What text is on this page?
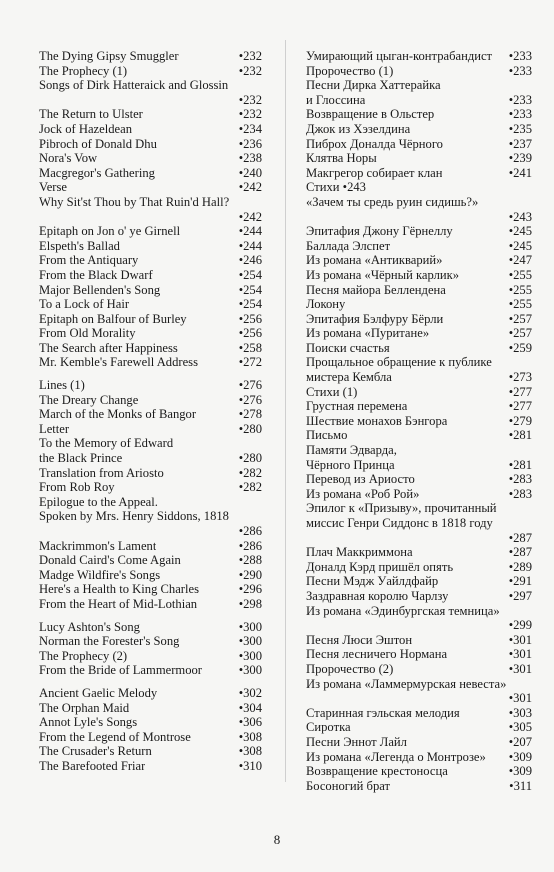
The Dying Gipsy Smuggler	•232
The Prophecy (1)	•232
Songs of Dirk Hatteraick and Glossin
•232
The Return to Ulster	•232
Jock of Hazeldean	•234
Pibroch of Donald Dhu	•236
Nora's Vow	•238
Macgregor's Gathering	•240
Verse	•242
Why Sit'st Thou by That Ruin'd Hall?
•242
Epitaph on Jon o' ye Girnell	•244
Elspeth's Ballad	•244
From the Antiquary	•246
From the Black Dwarf	•254
Major Bellenden's Song	•254
To a Lock of Hair	•254
Epitaph on Balfour of Burley	•256
From Old Morality	•256
The Search after Happiness	•258
Mr. Kemble's Farewell Address	•272
Lines (1)	•276
The Dreary Change	•276
March of the Monks of Bangor	•278
Letter	•280
To the Memory of Edward
the Black Prince	•280
Translation from Ariosto	•282
From Rob Roy	•282
Epilogue to the Appeal.
Spoken by Mrs. Henry Siddons, 1818
•286
Mackrimmon's Lament	•286
Donald Caird's Come Again	•288
Madge Wildfire's Songs	•290
Here's a Health to King Charles	•296
From the Heart of Mid-Lothian	•298
Lucy Ashton's Song	•300
Norman the Forester's Song	•300
The Prophecy (2)	•300
From the Bride of Lammermoor	•300
Ancient Gaelic Melody	•302
The Orphan Maid	•304
Annot Lyle's Songs	•306
From the Legend of Montrose	•308
The Crusader's Return	•308
The Barefooted Friar	•310
Умирающий цыган-контрабандист	•233
Пророчество (1)	•233
Песни Дирка Хаттерайка
и Глоссина	•233
Возвращение в Ольстер	•233
Джок из Хэзелдина	•235
Пиброх Доналда Чёрного	•237
Клятва Норы	•239
Макгрегор собирает клан	•241
Стихи •243
«Зачем ты средь руин сидишь?»
•243
Эпитафия Джону Гёрнеллу	•245
Баллада Элспет	•245
Из романа «Антикварий»	•247
Из романа «Чёрный карлик»	•255
Песня майора Беллендена	•255
Локону	•255
Эпитафия Бэлфуру Бёрли	•257
Из романа «Пуритане»	•257
Поиски счастья	•259
Прощальное обращение к публике
мистера Кембла	•273
Стихи (1)	•277
Грустная перемена	•277
Шествие монахов Бэнгора	•279
Письмо	•281
Памяти Эдварда,
Чёрного Принца	•281
Перевод из Ариосто	•283
Из романа «Роб Рой»	•283
Эпилог к «Призыву», прочитанный
миссис Генри Сиддонс в 1818 году
•287
Плач Маккриммона	•287
Доналд Кэрд пришёл опять	•289
Песни Мэдж Уайлдфайр	•291
Заздравная королю Чарлзу	•297
Из романа «Эдинбургская темница»
•299
Песня Люси Эштон	•301
Песня лесничего Нормана	•301
Пророчество (2)	•301
Из романа «Ламмермурская невеста»
•301
Старинная гэльская мелодия	•303
Сиротка	•305
Песни Эннот Лайл	•207
Из романа «Легенда о Монтрозе»	•309
Возвращение крестоносца	•309
Босоногий брат	•311
8
